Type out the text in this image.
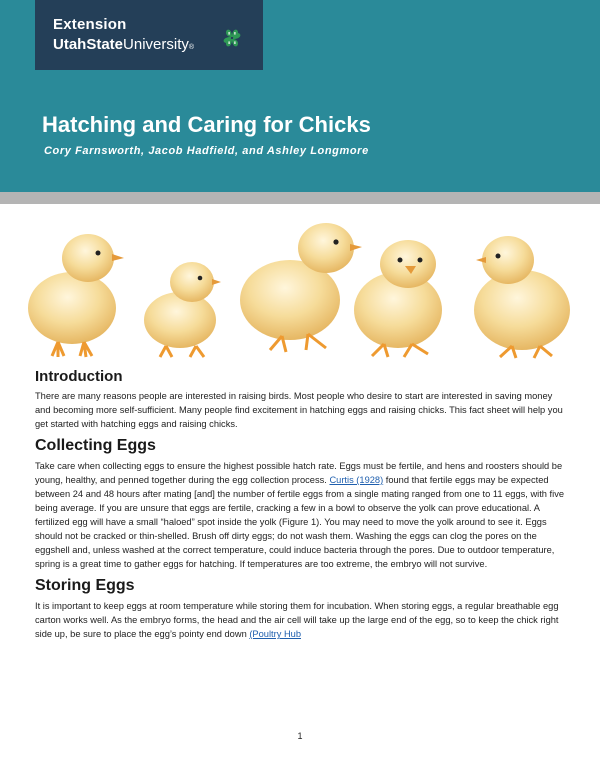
Extension
UtahStateUniversity®
Hatching and Caring for Chicks
Cory Farnsworth, Jacob Hadfield, and Ashley Longmore
Introduction

There are many reasons people are interested in raising birds. Most people who desire to start are interested in saving money and becoming more self-sufficient. Many people find excitement in hatching eggs and raising chicks. This fact sheet will help you get started with hatching eggs and raising chicks.

Collecting Eggs

Take care when collecting eggs to ensure the highest possible hatch rate. Eggs must be fertile, and hens and roosters should be young, healthy, and penned together during the egg collection process. Curtis (1928) found that fertile eggs may be expected between 24 and 48 hours after mating [and] the number of fertile eggs from a single mating ranged from one to 11 eggs, with five being average. If you are unsure that eggs are fertile, cracking a few in a bowl to observe the yolk can prove educational. A fertilized egg will have a small “haloed” spot inside the yolk (Figure 1). You may need to move the yolk around to see it. Eggs should not be cracked or thin-shelled. Brush off dirty eggs; do not wash them. Washing the eggs can clog the pores on the eggshell and, unless washed at the correct temperature, could induce bacteria through the pores. Due to outdoor temperature, spring is a great time to gather eggs for hatching. If temperatures are too extreme, the embryo will not survive.

Storing Eggs

It is important to keep eggs at room temperature while storing them for incubation. When storing eggs, a regular breathable egg carton works well. As the embryo forms, the head and the air cell will take up the large end of the egg, so to keep the chick right side up, be sure to place the egg’s pointy end down (Poultry Hub

1
